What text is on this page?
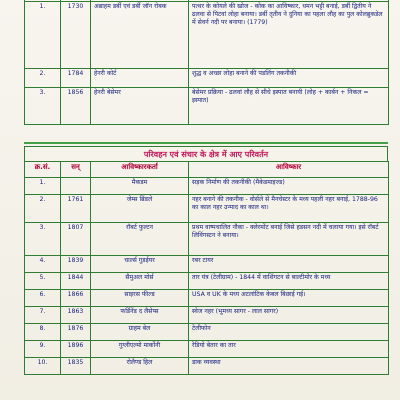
1.	1730	अब्राहम डर्बी एवं डर्बी जॉन रोबक	पत्थर के कोयले की खोज - कोक का आविष्कार, धमन भट्टी बनाई, डर्बी द्वितीय ने ढलवा से पिटवां लोहा बनाया। डर्बी तृतीय ने दुनिया का पहला लौह का पुल कोलब्रुकडेल में सेवर्न नदी पर बनाया। (1779)
2.	1784	हेनरी कोर्ट	शुद्ध व अच्छा लोहा बनाने की पडलिंग तकनीकी
3.	1856	हेनरी बेसेमर	बेसेमर प्रक्रिया - ढलवां लौह से सीधे इस्पात बनायी (लोह + कार्बन + निकल = इस्पात)
परिवहन एवं संचार के क्षेत्र में आए परिवर्तन
क्र.सं.	सन्	आविष्कारकर्ता	आविष्कार
1.		मैकडम	सड़क निर्माण की तकनीकी (मैकेडमाइज्ड)
2.	1761	जेम्स ब्रिंडले	नहर बनाने की तकनीक - वोर्सले से मैनचेस्टर के मध्य पहली नहर बनाई, 1788-96 का काल नहर उन्माद का काल था।
3.	1807	रॉबर्ट फुल्टन	प्रथम वाष्पचालित नौका - क्लेरमोंट बनाई जिसे हडसन नदी में चलाया गया। इसे रॉबर्ट लिविंगस्टन ने बनाया।
4.	1839	चार्ल्स गुडईयर	रबर टायर
5.	1844	सैमुअल मोर्स	तार यंत्र (टेलीग्राम) - 1844 में वाशिंगटन से बाल्टीमोर के मध्य
6.	1866	साइरस फील्ड	USA व UK के मध्य अटलांटिक केबल बिछाई गई।
7.	1863	फर्डिनेंड द लैसेप्स	स्वेज नहर (भूमध्य सागर - लाल सागर)
8.	1876	ग्राहम बेल	टेलीफोन
9.	1896	गुग्लीएल्मो मार्कोनी	रेडियो बेतार का तार
10.	1835	रोलैण्ड हिल	डाक व्यवस्था
